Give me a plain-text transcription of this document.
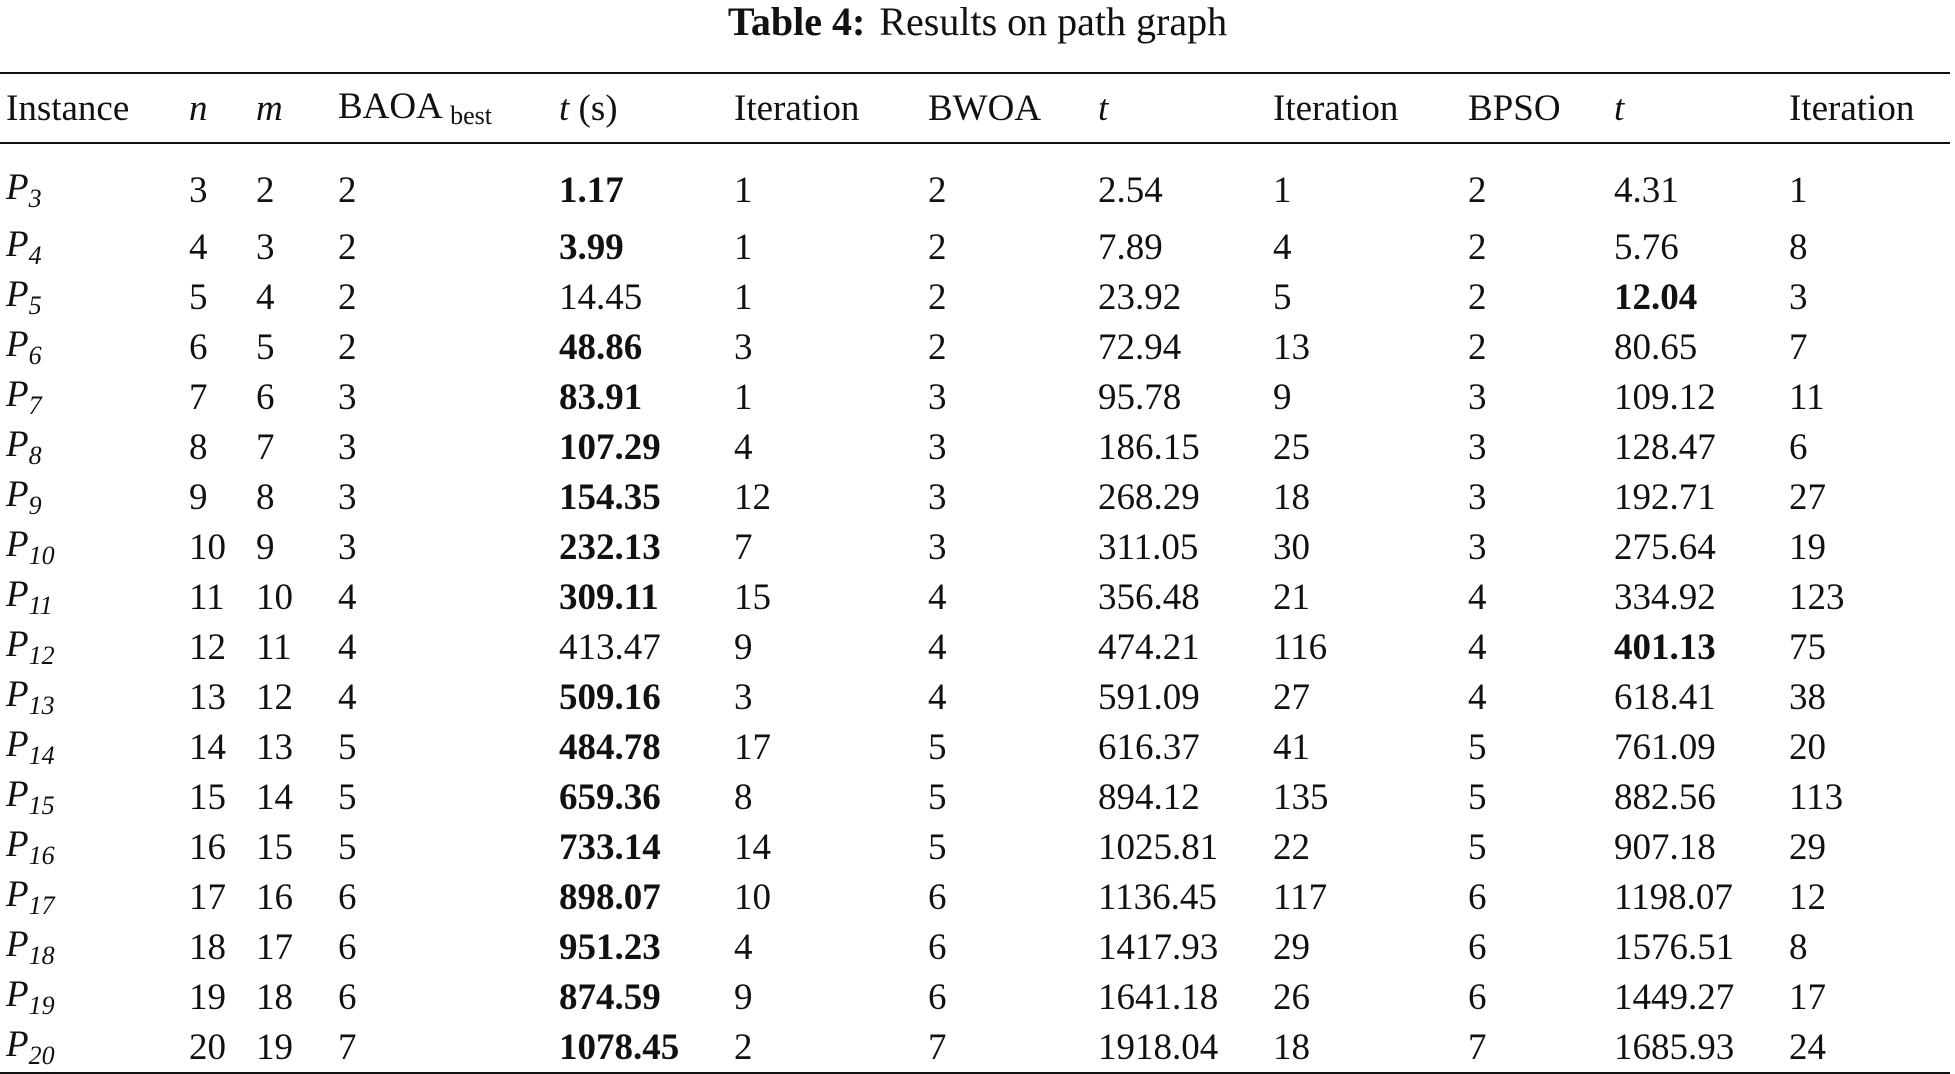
Table 4: Results on path graph
Instance	n	m	BAOA $_{best}$	t (s)	Iteration	BWOA	t	Iteration	BPSO	t	Iteration
$P_3$	3	2	2	1.17	1	2	2.54	1	2	4.31	1
$P_4$	4	3	2	3.99	1	2	7.89	4	2	5.76	8
$P_5$	5	4	2	14.45	1	2	23.92	5	2	12.04	3
$P_6$	6	5	2	48.86	3	2	72.94	13	2	80.65	7
$P_7$	7	6	3	83.91	1	3	95.78	9	3	109.12	11
$P_8$	8	7	3	107.29	4	3	186.15	25	3	128.47	6
$P_9$	9	8	3	154.35	12	3	268.29	18	3	192.71	27
$P_{10}$	10	9	3	232.13	7	3	311.05	30	3	275.64	19
$P_{11}$	11	10	4	309.11	15	4	356.48	21	4	334.92	123
$P_{12}$	12	11	4	413.47	9	4	474.21	116	4	401.13	75
$P_{13}$	13	12	4	509.16	3	4	591.09	27	4	618.41	38
$P_{14}$	14	13	5	484.78	17	5	616.37	41	5	761.09	20
$P_{15}$	15	14	5	659.36	8	5	894.12	135	5	882.56	113
$P_{16}$	16	15	5	733.14	14	5	1025.81	22	5	907.18	29
$P_{17}$	17	16	6	898.07	10	6	1136.45	117	6	1198.07	12
$P_{18}$	18	17	6	951.23	4	6	1417.93	29	6	1576.51	8
$P_{19}$	19	18	6	874.59	9	6	1641.18	26	6	1449.27	17
$P_{20}$	20	19	7	1078.45	2	7	1918.04	18	7	1685.93	24
